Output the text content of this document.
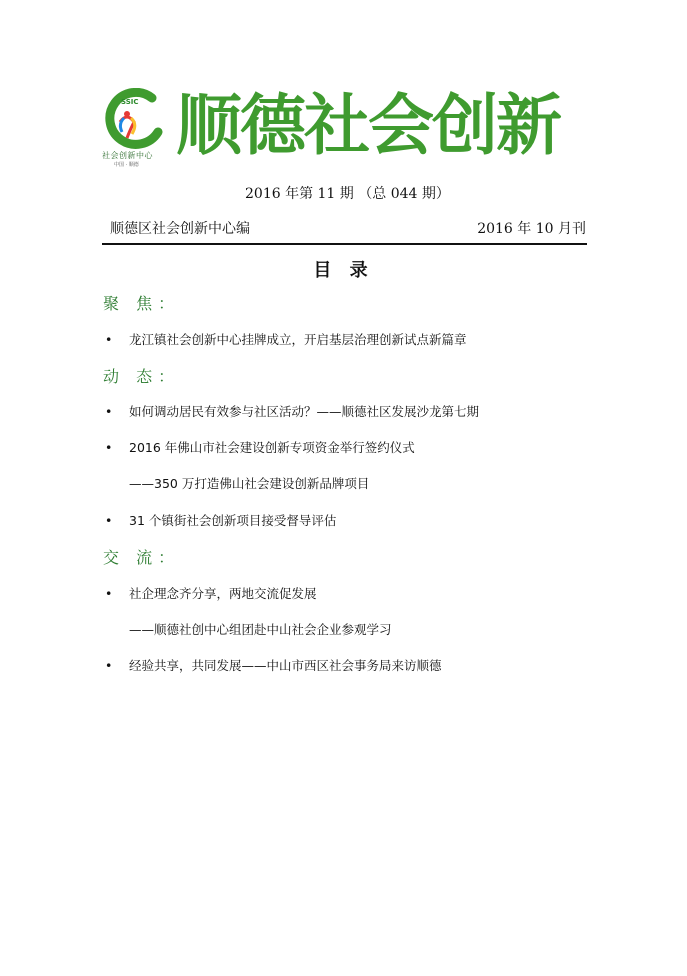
SSIC
社会创新中心
中国 · 顺德
顺德社会创新
2016 年第 11 期 （总 044 期）
顺德区社会创新中心编	2016 年 10 月刊
目 录
聚 焦：
• 龙江镇社会创新中心挂牌成立，开启基层治理创新试点新篇章
动 态：
• 如何调动居民有效参与社区活动？——顺德社区发展沙龙第七期
• 2016 年佛山市社会建设创新专项资金举行签约仪式
——350 万打造佛山社会建设创新品牌项目
• 31 个镇街社会创新项目接受督导评估
交 流：
• 社企理念齐分享，两地交流促发展
——顺德社创中心组团赴中山社会企业参观学习
• 经验共享，共同发展——中山市西区社会事务局来访顺德
